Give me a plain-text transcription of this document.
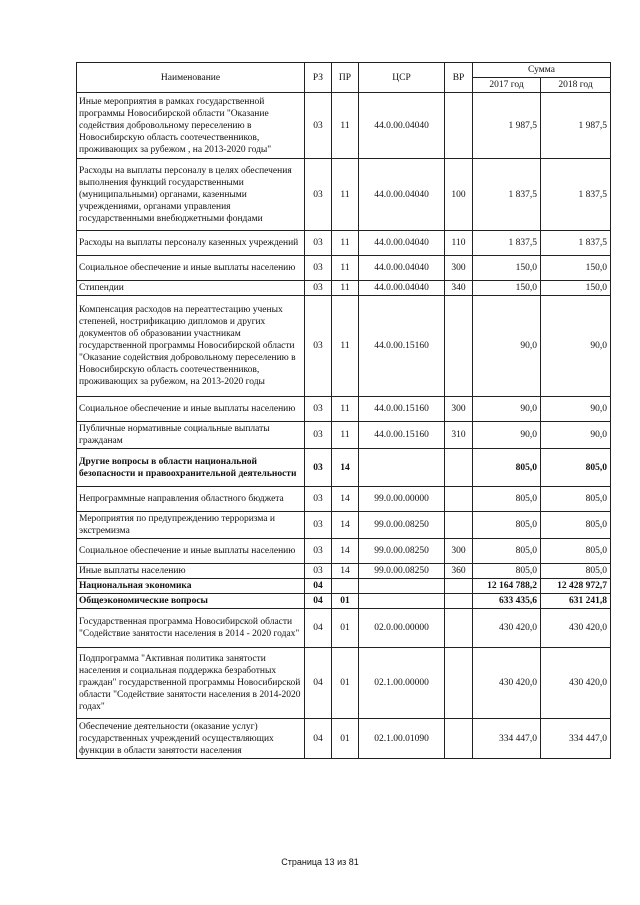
Наименование	РЗ	ПР	ЦСР	ВР	Сумма	
					2017 год	2018 год
Иные мероприятия в рамках государственной программы Новосибирской области "Оказание содействия добровольному переселению в Новосибирскую область соотечественников, проживающих за рубежом , на 2013-2020 годы"	03	11	44.0.00.04040		1 987,5	1 987,5
Расходы на выплаты персоналу в целях обеспечения выполнения функций государственными (муниципальными) органами, казенными учреждениями, органами управления государственными внебюджетными фондами	03	11	44.0.00.04040	100	1 837,5	1 837,5
Расходы на выплаты персоналу казенных учреждений	03	11	44.0.00.04040	110	1 837,5	1 837,5
Социальное обеспечение и иные выплаты населению	03	11	44.0.00.04040	300	150,0	150,0
Стипендии	03	11	44.0.00.04040	340	150,0	150,0
Компенсация расходов на переаттестацию ученых степеней, нострификацию дипломов и других документов об образовании участникам государственной программы Новосибирской области "Оказание содействия добровольному переселению в Новосибирскую область соотечественников, проживающих за рубежом, на 2013-2020 годы	03	11	44.0.00.15160		90,0	90,0
Социальное обеспечение и иные выплаты населению	03	11	44.0.00.15160	300	90,0	90,0
Публичные нормативные социальные выплаты гражданам	03	11	44.0.00.15160	310	90,0	90,0
Другие вопросы в области национальной безопасности и правоохранительной деятельности	03	14			805,0	805,0
Непрограммные направления областного бюджета	03	14	99.0.00.00000		805,0	805,0
Мероприятия по предупреждению терроризма и экстремизма	03	14	99.0.00.08250		805,0	805,0
Социальное обеспечение и иные выплаты населению	03	14	99.0.00.08250	300	805,0	805,0
Иные выплаты населению	03	14	99.0.00.08250	360	805,0	805,0
Национальная экономика	04				12 164 788,2	12 428 972,7
Общеэкономические вопросы	04	01			633 435,6	631 241,8
Государственная программа Новосибирской области "Содействие занятости населения в 2014 - 2020 годах"	04	01	02.0.00.00000		430 420,0	430 420,0
Подпрограмма "Активная политика занятости населения и социальная поддержка безработных граждан" государственной программы Новосибирской области "Содействие занятости населения в 2014-2020 годах"	04	01	02.1.00.00000		430 420,0	430 420,0
Обеспечение деятельности (оказание услуг) государственных учреждений осуществляющих функции в области занятости населения	04	01	02.1.00.01090		334 447,0	334 447,0
Страница 13 из 81
